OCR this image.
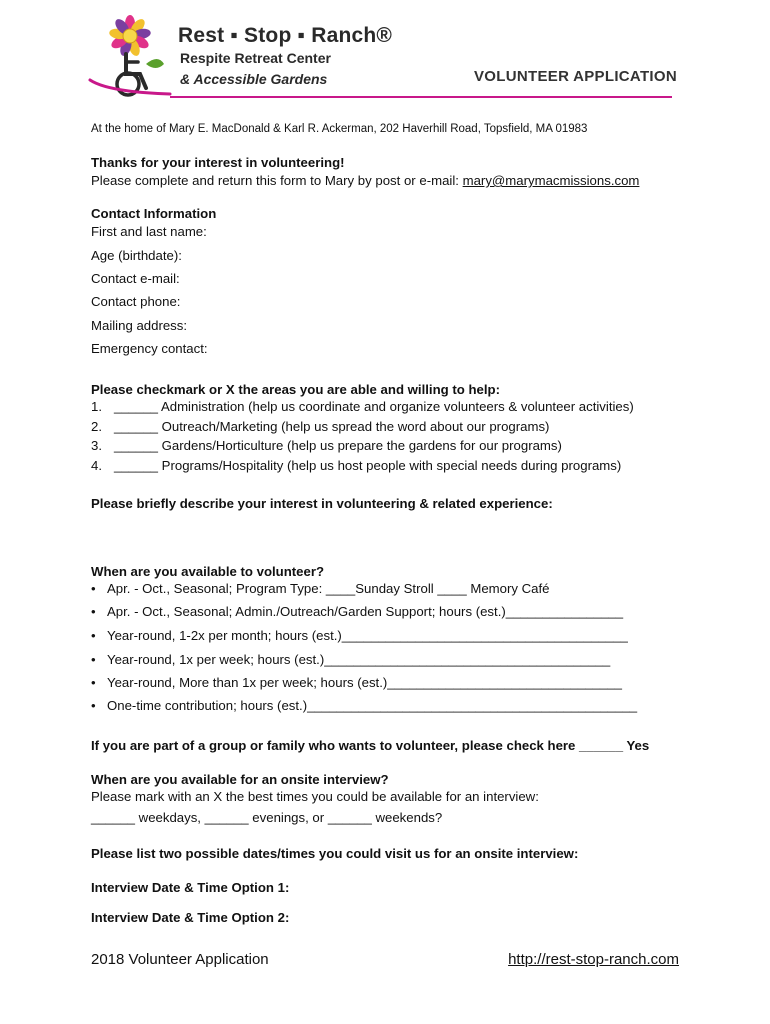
Rest ▪ Stop ▪ Ranch®
Respite Retreat Center
& Accessible Gardens	VOLUNTEER APPLICATION
At the home of Mary E. MacDonald & Karl R. Ackerman, 202 Haverhill Road, Topsfield, MA 01983
Thanks for your interest in volunteering!
Please complete and return this form to Mary by post or e-mail: mary@marymacmissions.com
Contact Information
First and last name:
Age (birthdate):
Contact e-mail:
Contact phone:
Mailing address:
Emergency contact:
Please checkmark or X the areas you are able and willing to help:
1. ______ Administration (help us coordinate and organize volunteers & volunteer activities)
2. ______ Outreach/Marketing (help us spread the word about our programs)
3. ______ Gardens/Horticulture (help us prepare the gardens for our programs)
4. ______ Programs/Hospitality (help us host people with special needs during programs)
Please briefly describe your interest in volunteering & related experience:
When are you available to volunteer?
• Apr. - Oct., Seasonal; Program Type: ____Sunday Stroll ____ Memory Café
• Apr. - Oct., Seasonal; Admin./Outreach/Garden Support; hours (est.)________________
• Year-round, 1-2x per month; hours (est.)_______________________________________
• Year-round, 1x per week; hours (est.)_______________________________________
• Year-round, More than 1x per week; hours (est.)________________________________
• One-time contribution; hours (est.)_____________________________________________
If you are part of a group or family who wants to volunteer, please check here ______ Yes
When are you available for an onsite interview?
Please mark with an X the best times you could be available for an interview:
______ weekdays, ______ evenings, or ______ weekends?
Please list two possible dates/times you could visit us for an onsite interview:
Interview Date & Time Option 1:
Interview Date & Time Option 2:
2018 Volunteer Application	http://rest-stop-ranch.com
